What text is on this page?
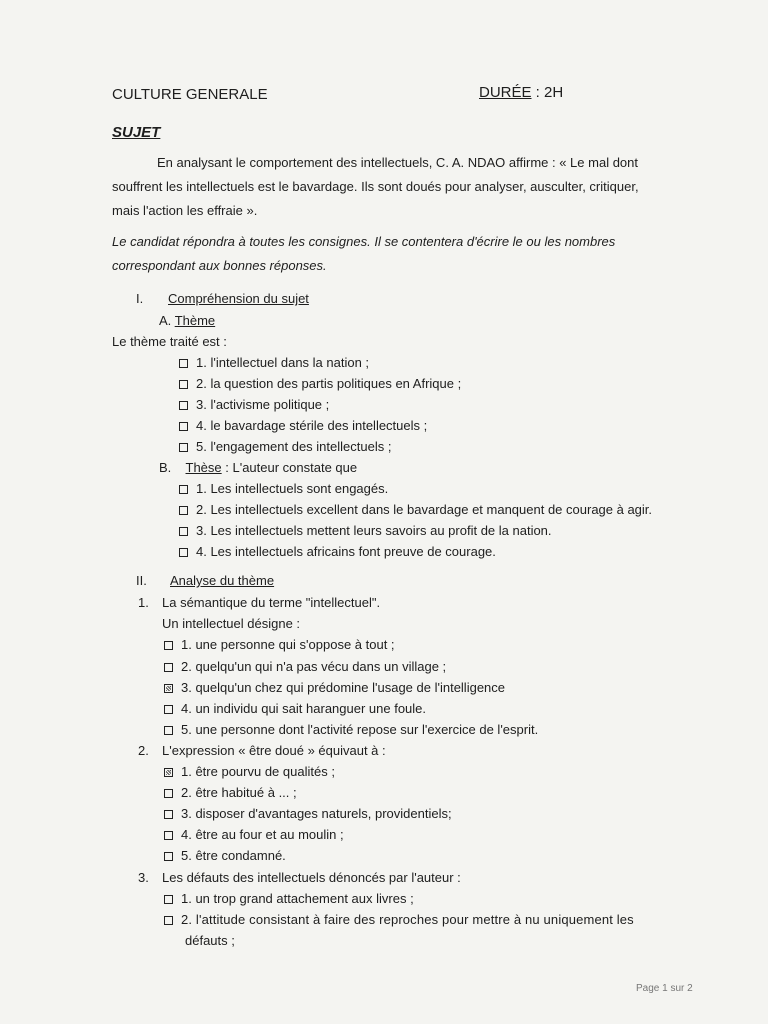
CULTURE GENERALE	DURÉE : 2H
SUJET
En analysant le comportement des intellectuels, C. A. NDAO affirme : « Le mal dont
souffrent les intellectuels est le bavardage. Ils sont doués pour analyser, ausculter, critiquer,
mais l'action les effraie ».
Le candidat répondra à toutes les consignes. Il se contentera d'écrire le ou les nombres
correspondant aux bonnes réponses.
I. Compréhension du sujet
A. Thème
Le thème traité est :
1. l'intellectuel dans la nation ;
2. la question des partis politiques en Afrique ;
3. l'activisme politique ;
4. le bavardage stérile des intellectuels ;
5. l'engagement des intellectuels ;
B. Thèse : L'auteur constate que
1. Les intellectuels sont engagés.
2. Les intellectuels excellent dans le bavardage et manquent de courage à agir.
3. Les intellectuels mettent leurs savoirs au profit de la nation.
4. Les intellectuels africains font preuve de courage.
II. Analyse du thème
1. La sémantique du terme "intellectuel".
Un intellectuel désigne :
1. une personne qui s'oppose à tout ;
2. quelqu'un qui n'a pas vécu dans un village ;
3. quelqu'un chez qui prédomine l'usage de l'intelligence
4. un individu qui sait haranguer une foule.
5. une personne dont l'activité repose sur l'exercice de l'esprit.
2. L'expression « être doué » équivaut à :
1. être pourvu de qualités ;
2. être habitué à ... ;
3. disposer d'avantages naturels, providentiels;
4. être au four et au moulin ;
5. être condamné.
3. Les défauts des intellectuels dénoncés par l'auteur :
1. un trop grand attachement aux livres ;
2. l'attitude consistant à faire des reproches pour mettre à nu uniquement les
défauts ;
Page 1 sur 2
